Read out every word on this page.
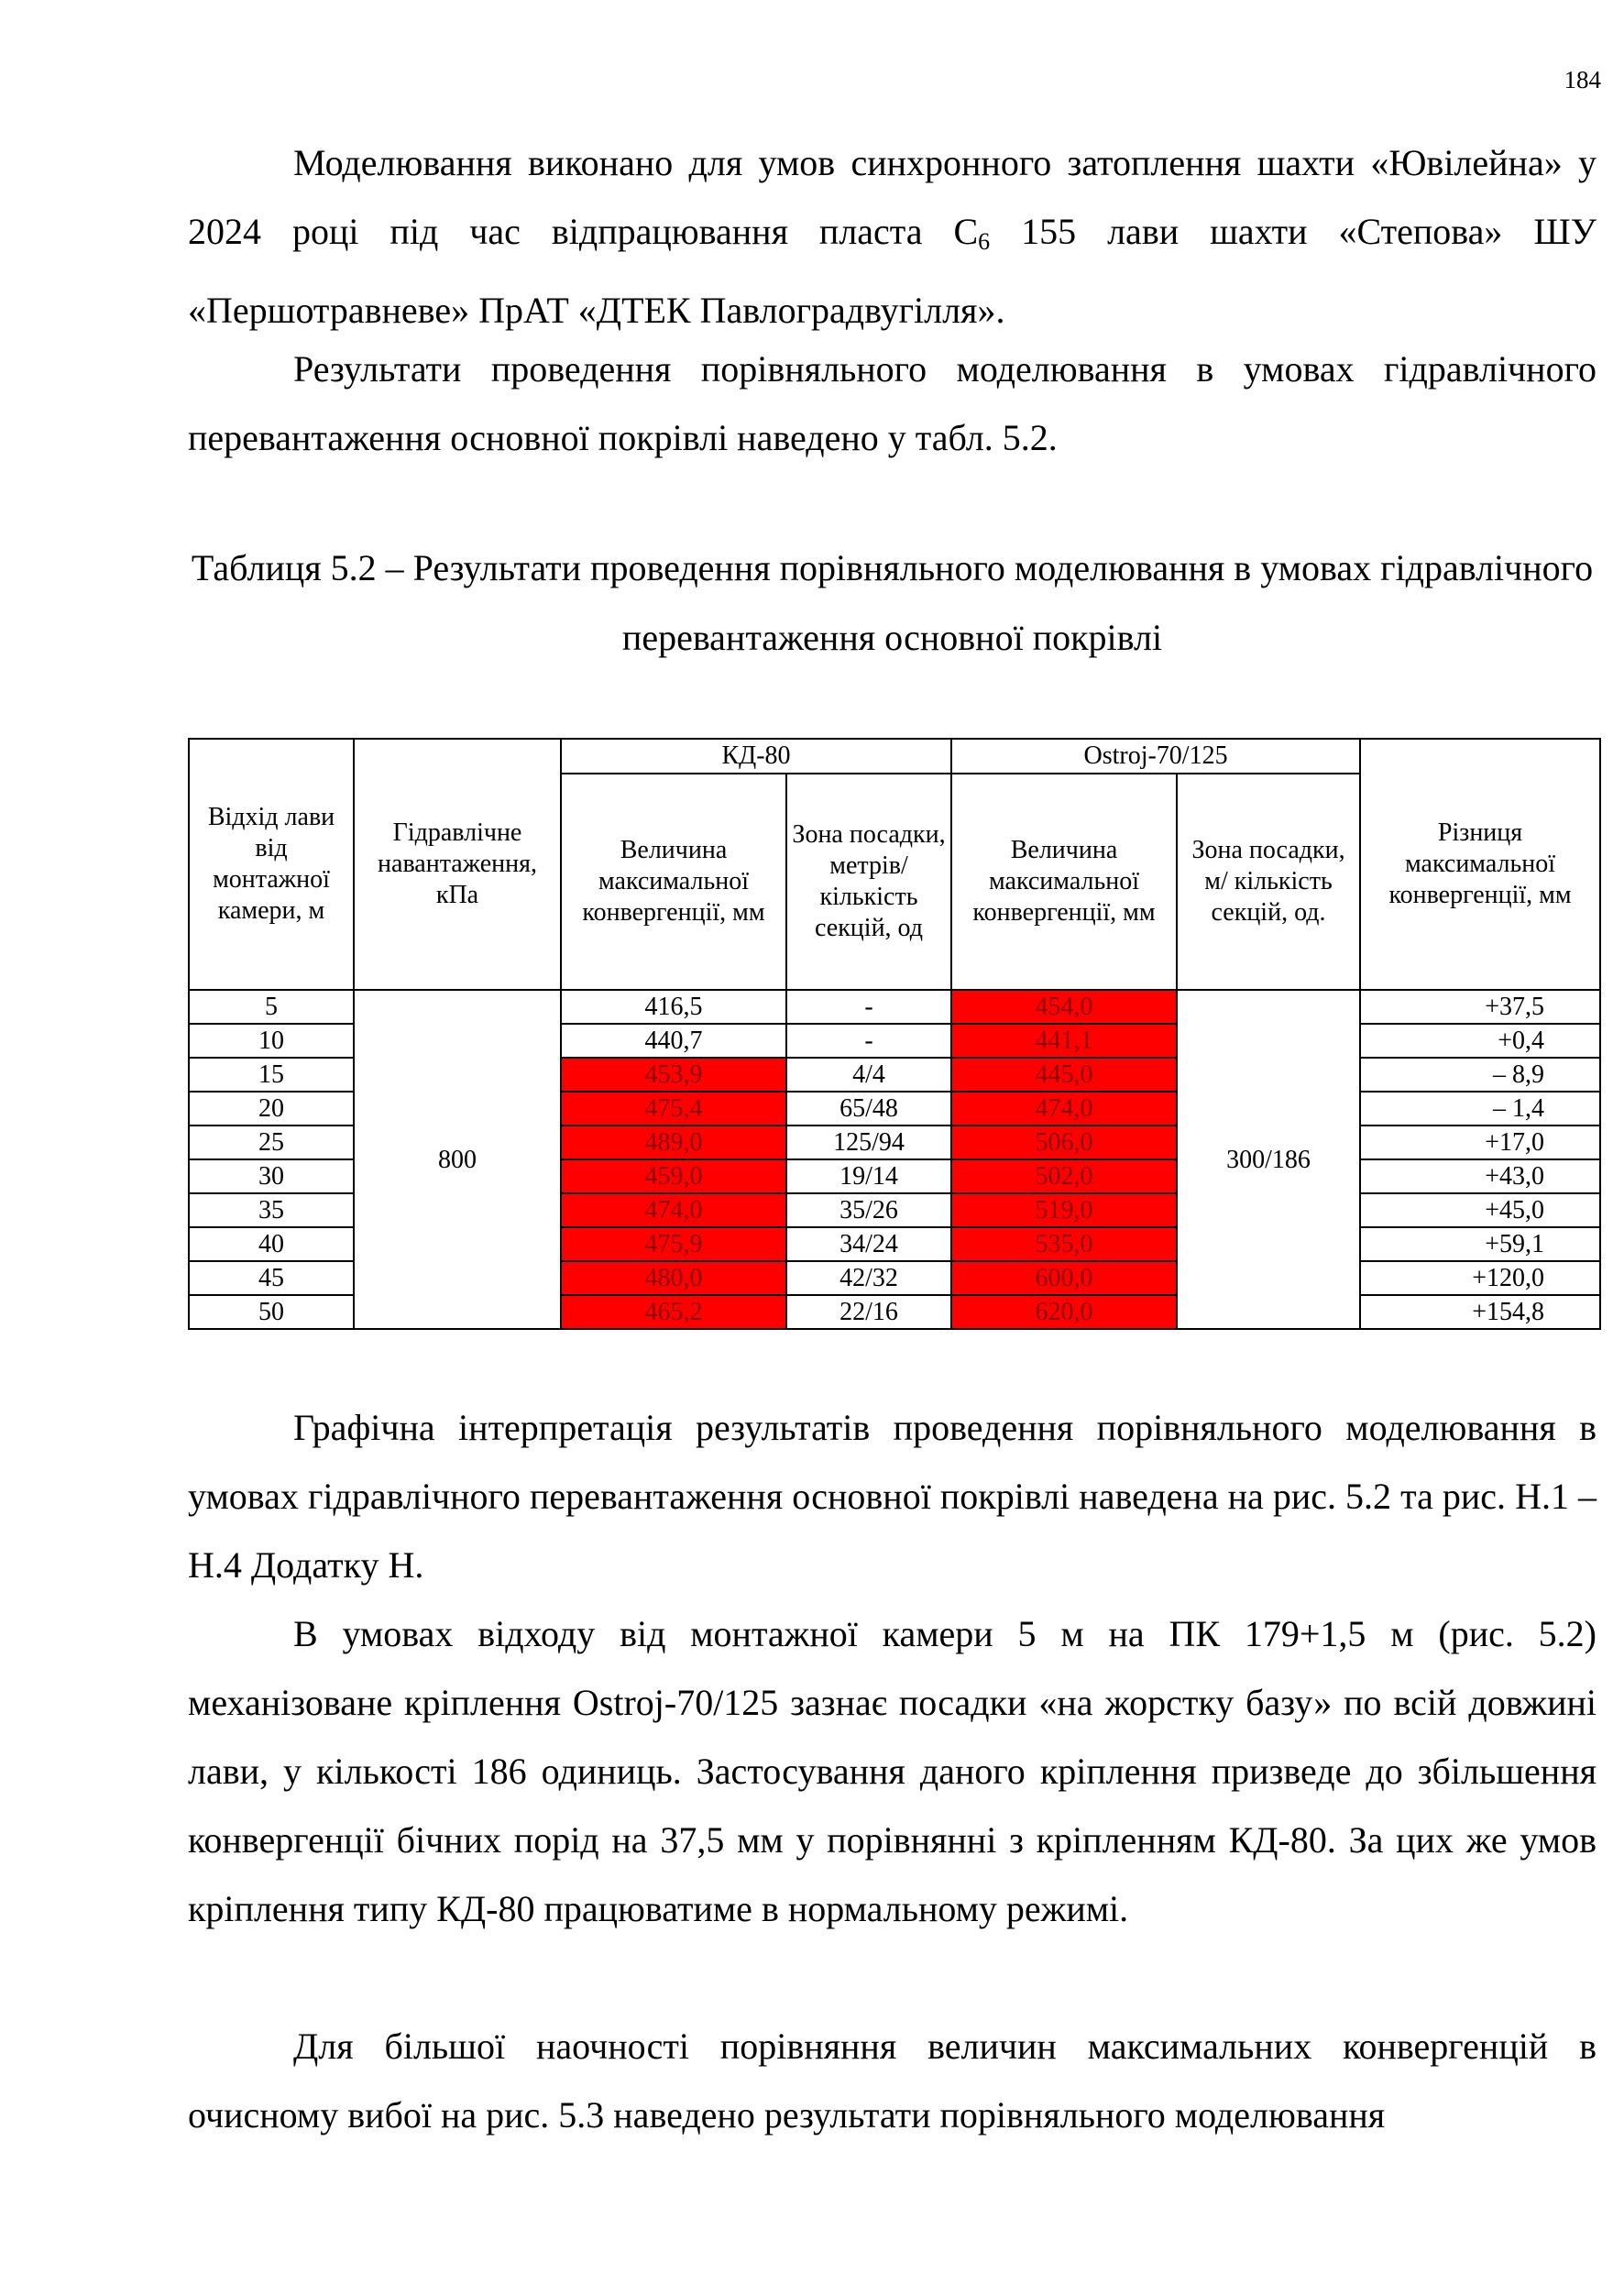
184

Моделювання виконано для умов синхронного затоплення шахти «Ювілейна» у 2024 році під час відпрацювання пласта $С_6$ 155 лави шахти «Степова» ШУ «Першотравневе» ПрАТ «ДТЕК Павлоградвугілля».

Результати проведення порівняльного моделювання в умовах гідравлічного перевантаження основної покрівлі наведено у табл. 5.2.

Таблиця 5.2 – Результати проведення порівняльного моделювання в умовах гідравлічного перевантаження основної покрівлі

Відхід лави від монтажної камери, м	Гідравлічне навантаження, кПа	КД-80		Ostroj-70/125		Різниця максимальної конвергенції, мм
		Величина максимальної конвергенції, мм	Зона посадки, метрів/ кількість секцій, од	Величина максимальної конвергенції, мм	Зона посадки, м/ кількість секцій, од.	
5	800	416,5	-	454,0	300/186	+37,5
10		440,7	-	441,1		+0,4
15		453,9	4/4	445,0		– 8,9
20		475,4	65/48	474,0		– 1,4
25		489,0	125/94	506,0		+17,0
30		459,0	19/14	502,0		+43,0
35		474,0	35/26	519,0		+45,0
40		475,9	34/24	535,0		+59,1
45		480,0	42/32	600,0		+120,0
50		465,2	22/16	620,0		+154,8

Графічна інтерпретація результатів проведення порівняльного моделювання в умовах гідравлічного перевантаження основної покрівлі наведена на рис. 5.2 та рис. Н.1 – Н.4 Додатку Н.

В умовах відходу від монтажної камери 5 м на ПК 179+1,5 м (рис. 5.2) механізоване кріплення Ostroj-70/125 зазнає посадки «на жорстку базу» по всій довжині лави, у кількості 186 одиниць. Застосування даного кріплення призведе до збільшення конвергенції бічних порід на 37,5 мм у порівнянні з кріпленням КД-80. За цих же умов кріплення типу КД-80 працюватиме в нормальному режимі.

Для більшої наочності порівняння величин максимальних конвергенцій в очисному вибої на рис. 5.3 наведено результати порівняльного моделювання
